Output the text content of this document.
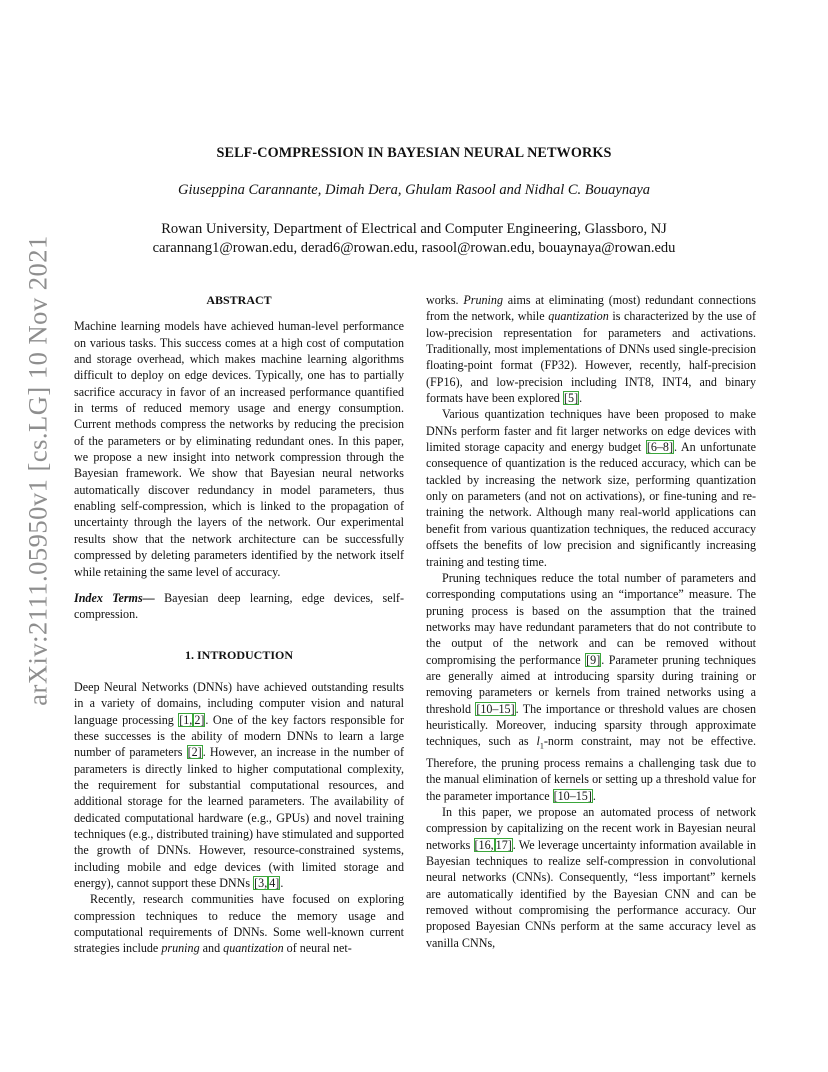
arXiv:2111.05950v1 [cs.LG] 10 Nov 2021
SELF-COMPRESSION IN BAYESIAN NEURAL NETWORKS
Giuseppina Carannante, Dimah Dera, Ghulam Rasool and Nidhal C. Bouaynaya
Rowan University, Department of Electrical and Computer Engineering, Glassboro, NJ
carannang1@rowan.edu, derad6@rowan.edu, rasool@rowan.edu, bouaynaya@rowan.edu
ABSTRACT

Machine learning models have achieved human-level performance on various tasks. This success comes at a high cost of computation and storage overhead, which makes machine learning algorithms difficult to deploy on edge devices. Typically, one has to partially sacrifice accuracy in favor of an increased performance quantified in terms of reduced memory usage and energy consumption. Current methods compress the networks by reducing the precision of the parameters or by eliminating redundant ones. In this paper, we propose a new insight into network compression through the Bayesian framework. We show that Bayesian neural networks automatically discover redundancy in model parameters, thus enabling self-compression, which is linked to the propagation of uncertainty through the layers of the network. Our experimental results show that the network architecture can be successfully compressed by deleting parameters identified by the network itself while retaining the same level of accuracy.

Index Terms— Bayesian deep learning, edge devices, self-compression.

1. INTRODUCTION

Deep Neural Networks (DNNs) have achieved outstanding results in a variety of domains, including computer vision and natural language processing [1, 2]. One of the key factors responsible for these successes is the ability of modern DNNs to learn a large number of parameters [2]. However, an increase in the number of parameters is directly linked to higher computational complexity, the requirement for substantial computational resources, and additional storage for the learned parameters. The availability of dedicated computational hardware (e.g., GPUs) and novel training techniques (e.g., distributed training) have stimulated and supported the growth of DNNs. However, resource-constrained systems, including mobile and edge devices (with limited storage and energy), cannot support these DNNs [3, 4].

Recently, research communities have focused on exploring compression techniques to reduce the memory usage and computational requirements of DNNs. Some well-known current strategies include pruning and quantization of neural net-

works. Pruning aims at eliminating (most) redundant connections from the network, while quantization is characterized by the use of low-precision representation for parameters and activations. Traditionally, most implementations of DNNs used single-precision floating-point format (FP32). However, recently, half-precision (FP16), and low-precision including INT8, INT4, and binary formats have been explored [5].

Various quantization techniques have been proposed to make DNNs perform faster and fit larger networks on edge devices with limited storage capacity and energy budget [6–8]. An unfortunate consequence of quantization is the reduced accuracy, which can be tackled by increasing the network size, performing quantization only on parameters (and not on activations), or fine-tuning and re-training the network. Although many real-world applications can benefit from various quantization techniques, the reduced accuracy offsets the benefits of low precision and significantly increasing training and testing time.

Pruning techniques reduce the total number of parameters and corresponding computations using an “importance” measure. The pruning process is based on the assumption that the trained networks may have redundant parameters that do not contribute to the output of the network and can be removed without compromising the performance [9]. Parameter pruning techniques are generally aimed at introducing sparsity during training or removing parameters or kernels from trained networks using a threshold [10–15]. The importance or threshold values are chosen heuristically. Moreover, inducing sparsity through approximate techniques, such as $l_1$-norm constraint, may not be effective. Therefore, the pruning process remains a challenging task due to the manual elimination of kernels or setting up a threshold value for the parameter importance [10–15].

In this paper, we propose an automated process of network compression by capitalizing on the recent work in Bayesian neural networks [16, 17]. We leverage uncertainty information available in Bayesian techniques to realize self-compression in convolutional neural networks (CNNs). Consequently, “less important” kernels are automatically identified by the Bayesian CNN and can be removed without compromising the performance accuracy. Our proposed Bayesian CNNs perform at the same accuracy level as vanilla CNNs,
